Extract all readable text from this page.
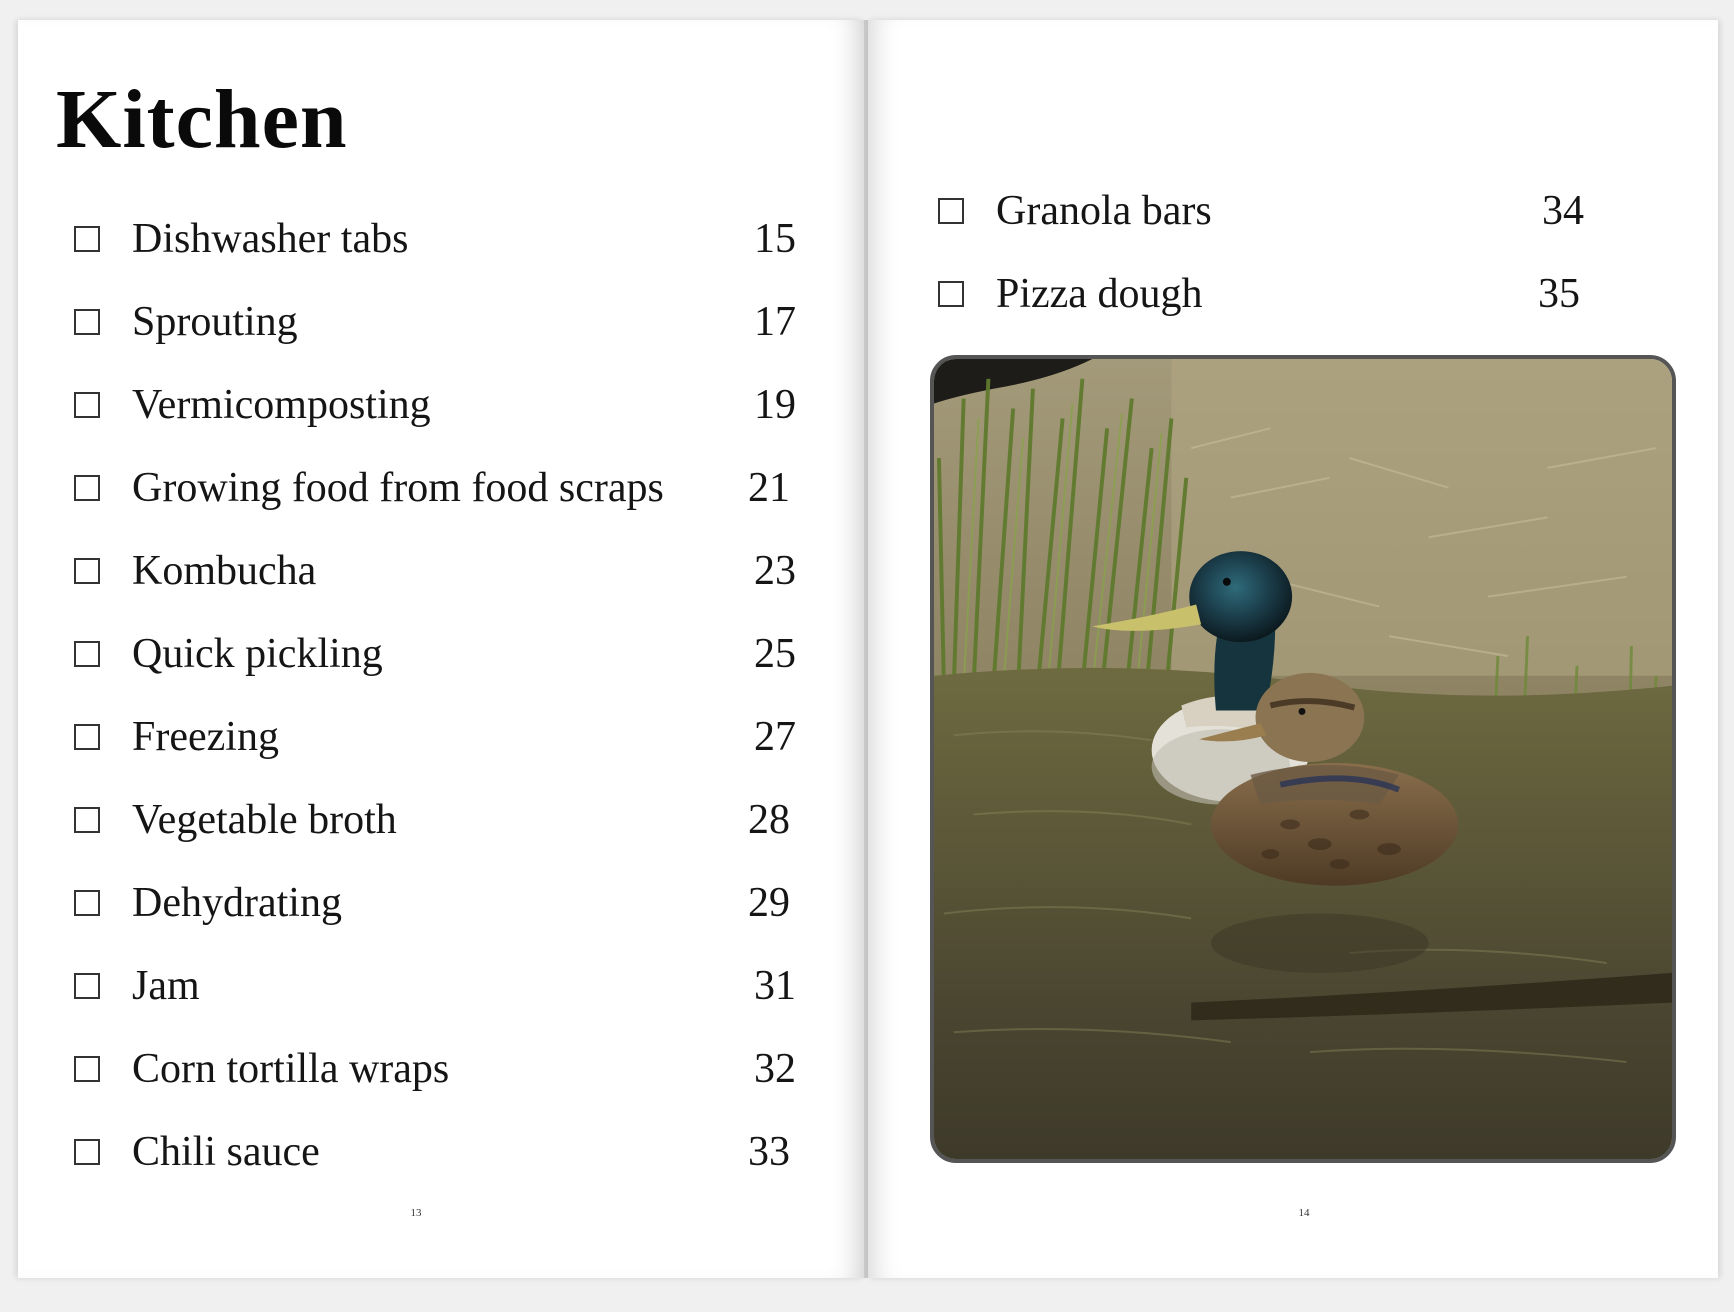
Kitchen
Dishwasher tabs	15
Sprouting	17
Vermicomposting	19
Growing food from food scraps 21
Kombucha	23
Quick pickling	25
Freezing	27
Vegetable broth	28
Dehydrating	29
Jam	31
Corn tortilla wraps	32
Chili sauce	33
13
Granola bars	34
Pizza dough	35
14
